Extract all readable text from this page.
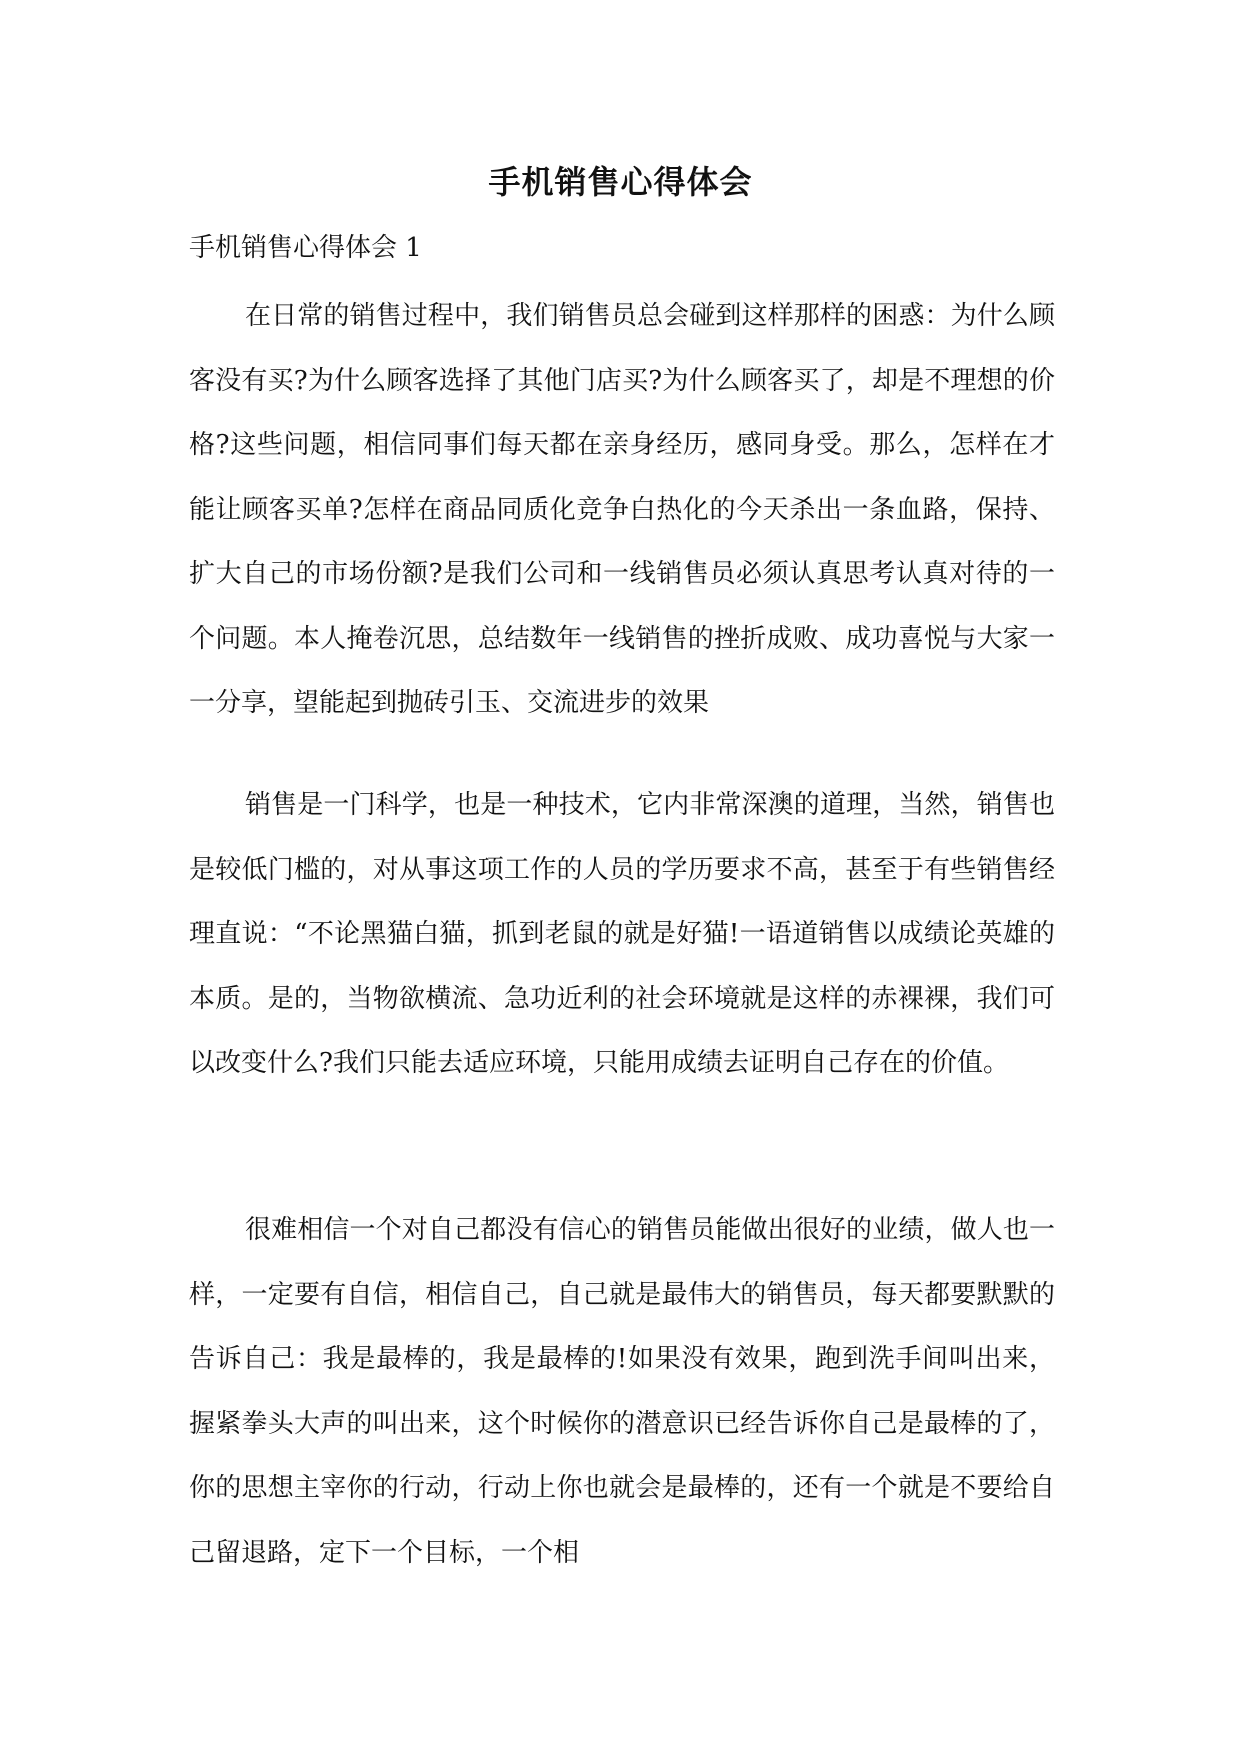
手机销售心得体会
手机销售心得体会 1

在日常的销售过程中，我们销售员总会碰到这样那样的困惑：为什么顾客没有买?为什么顾客选择了其他门店买?为什么顾客买了，却是不理想的价格?这些问题，相信同事们每天都在亲身经历，感同身受。那么，怎样在才能让顾客买单?怎样在商品同质化竞争白热化的今天杀出一条血路，保持、扩大自己的市场份额?是我们公司和一线销售员必须认真思考认真对待的一个问题。本人掩卷沉思，总结数年一线销售的挫折成败、成功喜悦与大家一一分享，望能起到抛砖引玉、交流进步的效果

销售是一门科学，也是一种技术，它内非常深澳的道理，当然，销售也是较低门槛的，对从事这项工作的人员的学历要求不高，甚至于有些销售经理直说：“不论黑猫白猫，抓到老鼠的就是好猫!一语道销售以成绩论英雄的本质。是的，当物欲横流、急功近利的社会环境就是这样的赤裸裸，我们可以改变什么?我们只能去适应环境，只能用成绩去证明自己存在的价值。

很难相信一个对自己都没有信心的销售员能做出很好的业绩，做人也一样，一定要有自信，相信自己，自己就是最伟大的销售员，每天都要默默的告诉自己：我是最棒的，我是最棒的!如果没有效果，跑到洗手间叫出来，握紧拳头大声的叫出来，这个时候你的潜意识已经告诉你自己是最棒的了，你的思想主宰你的行动，行动上你也就会是最棒的，还有一个就是不要给自己留退路，定下一个目标，一个相
